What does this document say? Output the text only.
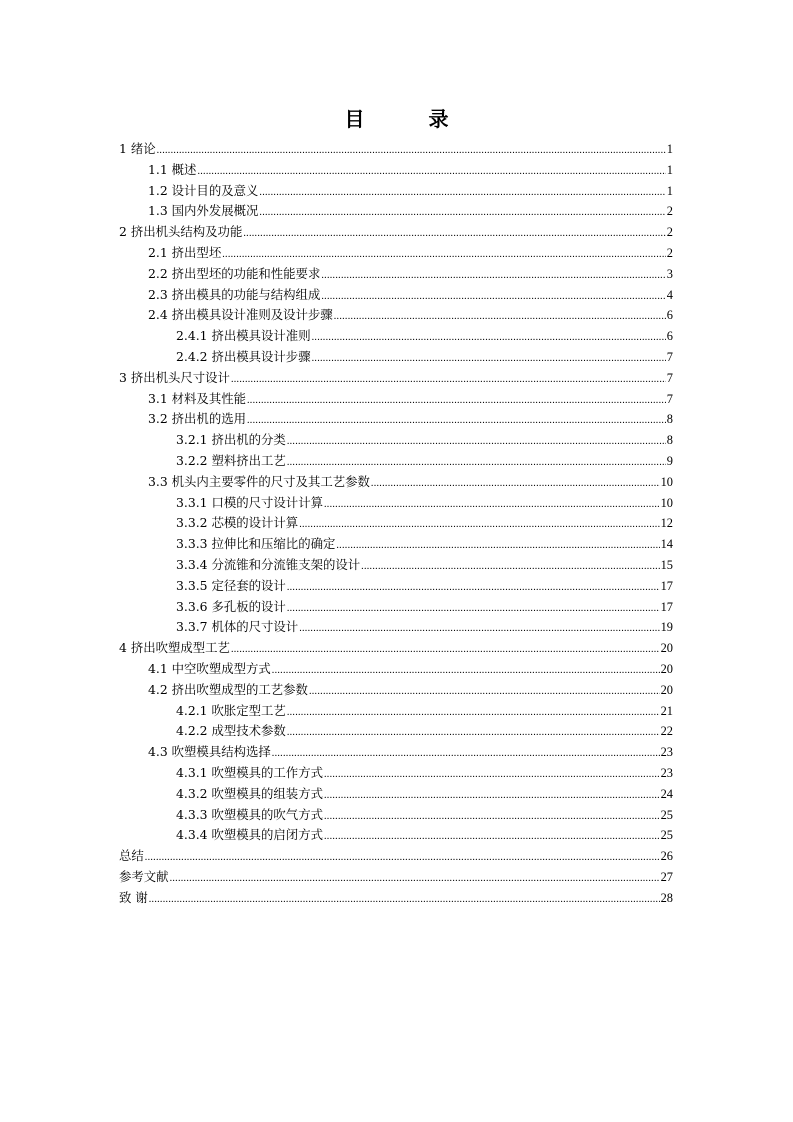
目　录
1 绪论 .....	1
1.1 概述 .....	1
1.2 设计目的及意义 .....	1
1.3 国内外发展概况 .....	2
2 挤出机头结构及功能 .....	2
2.1 挤出型坯 .....	2
2.2 挤出型坯的功能和性能要求 .....	3
2.3 挤出模具的功能与结构组成 .....	4
2.4 挤出模具设计准则及设计步骤 .....	6
2.4.1 挤出模具设计准则 .....	6
2.4.2 挤出模具设计步骤 .....	7
3 挤出机头尺寸设计 .....	7
3.1 材料及其性能 .....	7
3.2 挤出机的选用 .....	8
3.2.1 挤出机的分类 .....	8
3.2.2 塑料挤出工艺 .....	9
3.3 机头内主要零件的尺寸及其工艺参数 .....	10
3.3.1 口模的尺寸设计计算 .....	10
3.3.2 芯模的设计计算 .....	12
3.3.3 拉伸比和压缩比的确定 .....	14
3.3.4 分流锥和分流锥支架的设计 .....	15
3.3.5 定径套的设计 .....	17
3.3.6 多孔板的设计 .....	17
3.3.7 机体的尺寸设计 .....	19
4 挤出吹塑成型工艺 .....	20
4.1 中空吹塑成型方式 .....	20
4.2 挤出吹塑成型的工艺参数 .....	20
4.2.1 吹胀定型工艺 .....	21
4.2.2 成型技术参数 .....	22
4.3 吹塑模具结构选择 .....	23
4.3.1 吹塑模具的工作方式 .....	23
4.3.2 吹塑模具的组装方式 .....	24
4.3.3 吹塑模具的吹气方式 .....	25
4.3.4 吹塑模具的启闭方式 .....	25
总结 .....	26
参考文献 .....	27
致 谢 .....	28
